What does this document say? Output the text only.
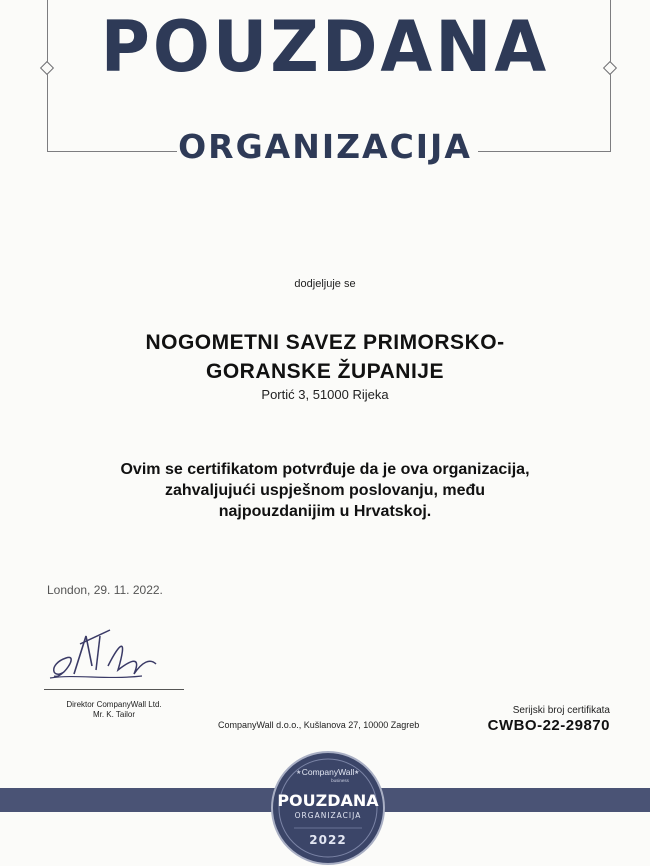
POUZDANA
ORGANIZACIJA
dodjeljuje se
NOGOMETNI SAVEZ PRIMORSKO-
GORANSKE ŽUPANIJE
Portić 3, 51000 Rijeka
Ovim se certifikatom potvrđuje da je ova organizacija,
zahvaljujući uspješnom poslovanju, među
najpouzdanijim u Hrvatskoj.
London, 29. 11. 2022.
Direktor CompanyWall Ltd.
Mr. K. Tailor
CompanyWall d.o.o., Kušlanova 27, 10000 Zagreb
Serijski broj certifikata
CWBO-22-29870
★	★
CompanyWall
business
POUZDANA
ORGANIZACIJA
2022
